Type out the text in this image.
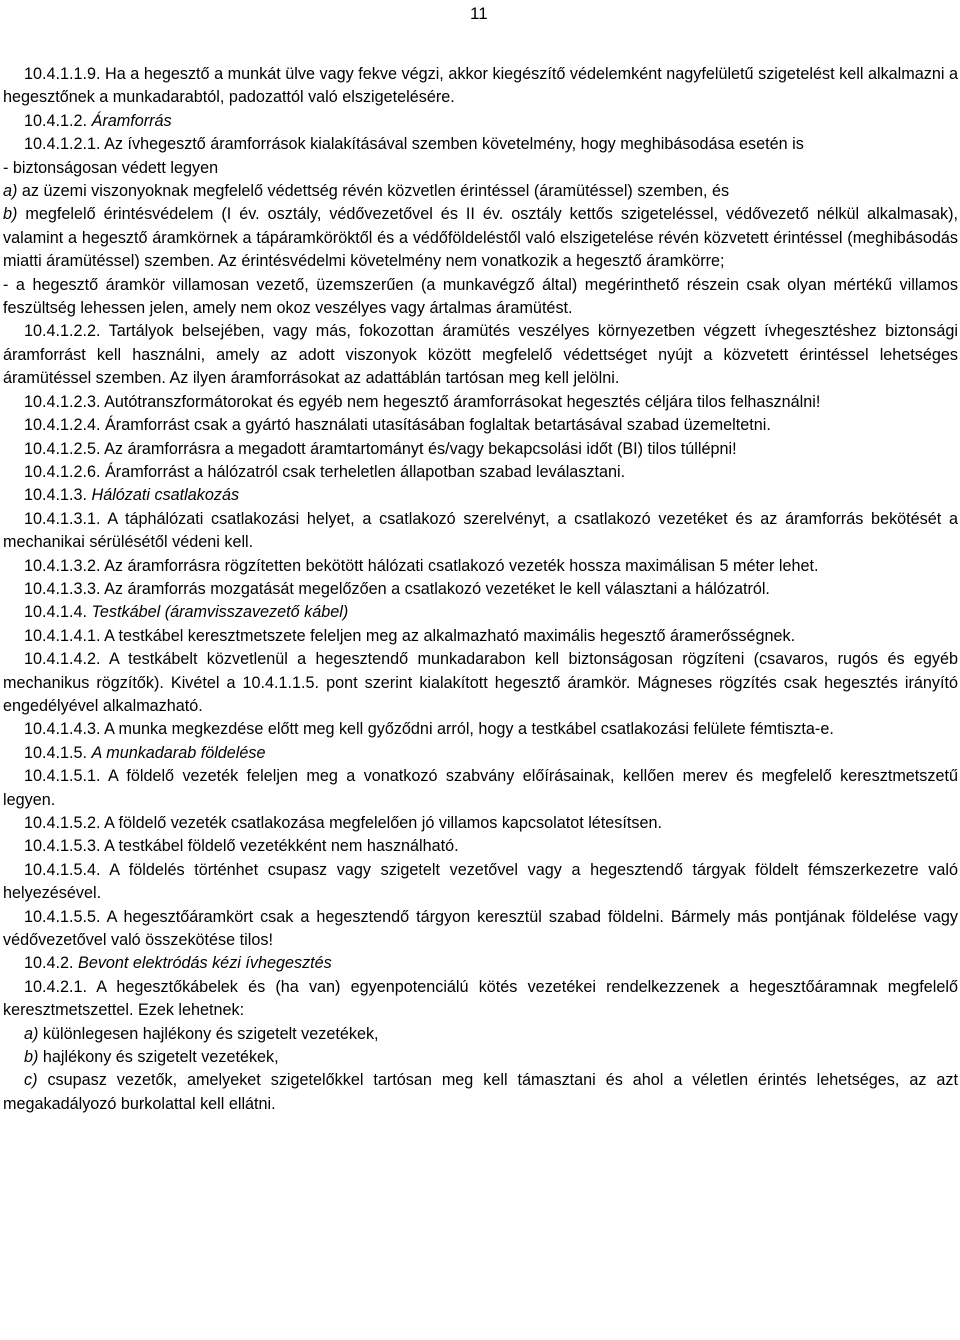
11

10.4.1.1.9. Ha a hegesztő a munkát ülve vagy fekve végzi, akkor kiegészítő védelemként nagyfelületű szigetelést kell alkalmazni a hegesztőnek a munkadarabtól, padozattól való elszigetelésére.

10.4.1.2. Áramforrás

10.4.1.2.1. Az ívhegesztő áramforrások kialakításával szemben követelmény, hogy meghibásodása esetén is

- biztonságosan védett legyen

a) az üzemi viszonyoknak megfelelő védettség révén közvetlen érintéssel (áramütéssel) szemben, és

b) megfelelő érintésvédelem (I év. osztály, védővezetővel és II év. osztály kettős szigeteléssel, védővezető nélkül alkalmasak), valamint a hegesztő áramkörnek a tápáramköröktől és a védőföldeléstől való elszigetelése révén közvetett érintéssel (meghibásodás miatti áramütéssel) szemben. Az érintésvédelmi követelmény nem vonatkozik a hegesztő áramkörre;

- a hegesztő áramkör villamosan vezető, üzemszerűen (a munkavégző által) megérinthető részein csak olyan mértékű villamos feszültség lehessen jelen, amely nem okoz veszélyes vagy ártalmas áramütést.

10.4.1.2.2. Tartályok belsejében, vagy más, fokozottan áramütés veszélyes környezetben végzett ívhegesztéshez biztonsági áramforrást kell használni, amely az adott viszonyok között megfelelő védettséget nyújt a közvetett érintéssel lehetséges áramütéssel szemben. Az ilyen áramforrásokat az adattáblán tartósan meg kell jelölni.

10.4.1.2.3. Autótranszformátorokat és egyéb nem hegesztő áramforrásokat hegesztés céljára tilos felhasználni!

10.4.1.2.4. Áramforrást csak a gyártó használati utasításában foglaltak betartásával szabad üzemeltetni.

10.4.1.2.5. Az áramforrásra a megadott áramtartományt és/vagy bekapcsolási időt (BI) tilos túllépni!

10.4.1.2.6. Áramforrást a hálózatról csak terheletlen állapotban szabad leválasztani.

10.4.1.3. Hálózati csatlakozás

10.4.1.3.1. A táphálózati csatlakozási helyet, a csatlakozó szerelvényt, a csatlakozó vezetéket és az áramforrás bekötését a mechanikai sérülésétől védeni kell.

10.4.1.3.2. Az áramforrásra rögzítetten bekötött hálózati csatlakozó vezeték hossza maximálisan 5 méter lehet.

10.4.1.3.3. Az áramforrás mozgatását megelőzően a csatlakozó vezetéket le kell választani a hálózatról.

10.4.1.4. Testkábel (áramvisszavezető kábel)

10.4.1.4.1. A testkábel keresztmetszete feleljen meg az alkalmazható maximális hegesztő áramerősségnek.

10.4.1.4.2. A testkábelt közvetlenül a hegesztendő munkadarabon kell biztonságosan rögzíteni (csavaros, rugós és egyéb mechanikus rögzítők). Kivétel a 10.4.1.1.5. pont szerint kialakított hegesztő áramkör. Mágneses rögzítés csak hegesztés irányító engedélyével alkalmazható.

10.4.1.4.3. A munka megkezdése előtt meg kell győződni arról, hogy a testkábel csatlakozási felülete fémtiszta-e.

10.4.1.5. A munkadarab földelése

10.4.1.5.1. A földelő vezeték feleljen meg a vonatkozó szabvány előírásainak, kellően merev és megfelelő keresztmetszetű legyen.

10.4.1.5.2. A földelő vezeték csatlakozása megfelelően jó villamos kapcsolatot létesítsen.

10.4.1.5.3. A testkábel földelő vezetékként nem használható.

10.4.1.5.4. A földelés történhet csupasz vagy szigetelt vezetővel vagy a hegesztendő tárgyak földelt fémszerkezetre való helyezésével.

10.4.1.5.5. A hegesztőáramkört csak a hegesztendő tárgyon keresztül szabad földelni. Bármely más pontjának földelése vagy védővezetővel való összekötése tilos!

10.4.2. Bevont elektródás kézi ívhegesztés

10.4.2.1. A hegesztőkábelek és (ha van) egyenpotenciálú kötés vezetékei rendelkezzenek a hegesztőáramnak megfelelő keresztmetszettel. Ezek lehetnek:

a) különlegesen hajlékony és szigetelt vezetékek,

b) hajlékony és szigetelt vezetékek,

c) csupasz vezetők, amelyeket szigetelőkkel tartósan meg kell támasztani és ahol a véletlen érintés lehetséges, az azt megakadályozó burkolattal kell ellátni.
